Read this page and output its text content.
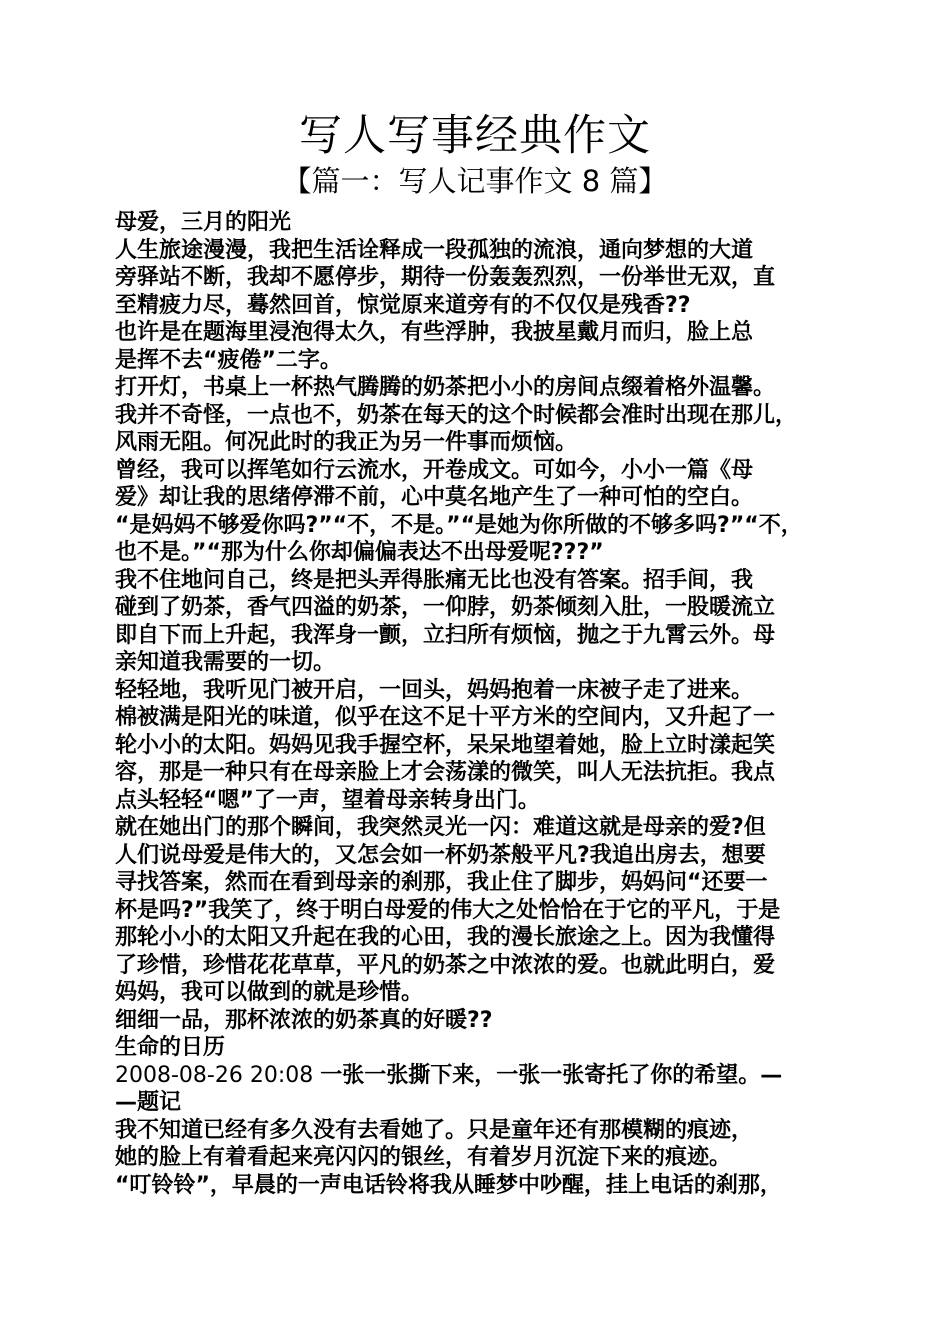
写人写事经典作文
【篇一：写人记事作文 8 篇】
母爱，三月的阳光
人生旅途漫漫，我把生活诠释成一段孤独的流浪，通向梦想的大道
旁驿站不断，我却不愿停步，期待一份轰轰烈烈，一份举世无双，直
至精疲力尽，蓦然回首，惊觉原来道旁有的不仅仅是残香??
也许是在题海里浸泡得太久，有些浮肿，我披星戴月而归，脸上总
是挥不去“疲倦”二字。
打开灯，书桌上一杯热气腾腾的奶茶把小小的房间点缀着格外温馨。
我并不奇怪，一点也不，奶茶在每天的这个时候都会准时出现在那儿，
风雨无阻。何况此时的我正为另一件事而烦恼。
曾经，我可以挥笔如行云流水，开卷成文。可如今，小小一篇《母
爱》却让我的思绪停滞不前，心中莫名地产生了一种可怕的空白。
“是妈妈不够爱你吗?”“不，不是。”“是她为你所做的不够多吗?”“不，
也不是。”“那为什么你却偏偏表达不出母爱呢???”
我不住地问自己，终是把头弄得胀痛无比也没有答案。招手间，我
碰到了奶茶，香气四溢的奶茶，一仰脖，奶茶倾刻入肚，一股暖流立
即自下而上升起，我浑身一颤，立扫所有烦恼，抛之于九霄云外。母
亲知道我需要的一切。
轻轻地，我听见门被开启，一回头，妈妈抱着一床被子走了进来。
棉被满是阳光的味道，似乎在这不足十平方米的空间内，又升起了一
轮小小的太阳。妈妈见我手握空杯，呆呆地望着她，脸上立时漾起笑
容，那是一种只有在母亲脸上才会荡漾的微笑，叫人无法抗拒。我点
点头轻轻“嗯”了一声，望着母亲转身出门。
就在她出门的那个瞬间，我突然灵光一闪：难道这就是母亲的爱?但
人们说母爱是伟大的，又怎会如一杯奶茶般平凡?我追出房去，想要
寻找答案，然而在看到母亲的刹那，我止住了脚步，妈妈问“还要一
杯是吗?”我笑了，终于明白母爱的伟大之处恰恰在于它的平凡，于是
那轮小小的太阳又升起在我的心田，我的漫长旅途之上。因为我懂得
了珍惜，珍惜花花草草，平凡的奶茶之中浓浓的爱。也就此明白，爱
妈妈，我可以做到的就是珍惜。
细细一品，那杯浓浓的奶茶真的好暖??
生命的日历
2008-08-26 20:08 一张一张撕下来，一张一张寄托了你的希望。—
—题记
我不知道已经有多久没有去看她了。只是童年还有那模糊的痕迹，
她的脸上有着看起来亮闪闪的银丝，有着岁月沉淀下来的痕迹。
“叮铃铃”，早晨的一声电话铃将我从睡梦中吵醒，挂上电话的刹那，
